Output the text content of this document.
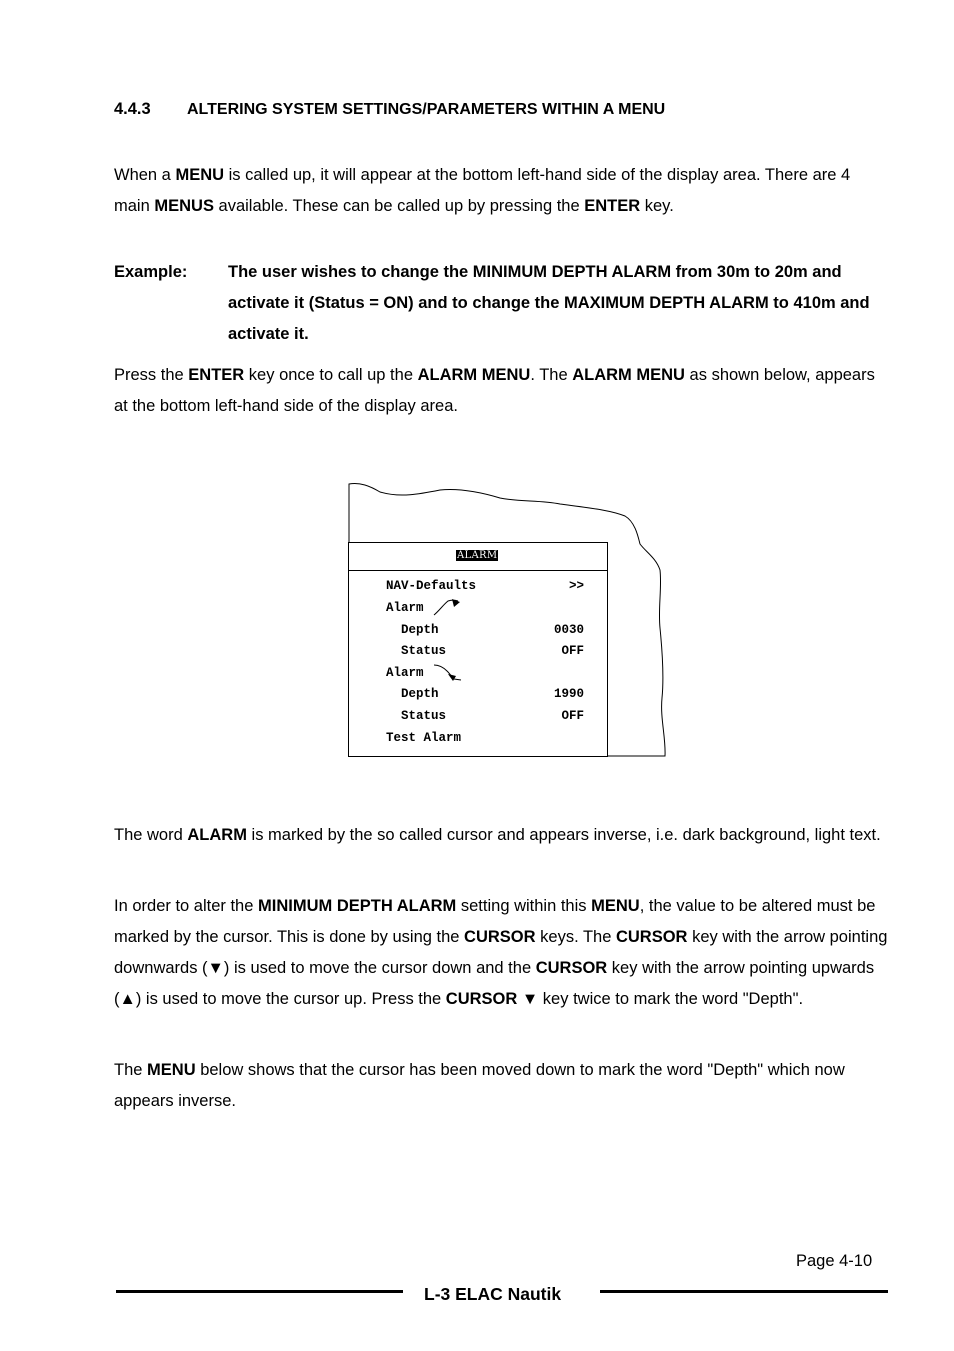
4.4.3 ALTERING SYSTEM SETTINGS/PARAMETERS WITHIN A MENU
When a MENU is called up, it will appear at the bottom left-hand side of the display area. There are 4 main MENUS available. These can be called up by pressing the ENTER key.
Example: The user wishes to change the MINIMUM DEPTH ALARM from 30m to 20m and activate it (Status = ON) and to change the MAXIMUM DEPTH ALARM to 410m and activate it.
Press the ENTER key once to call up the ALARM MENU. The ALARM MENU as shown below, appears at the bottom left-hand side of the display area.
ALARM
NAV-Defaults	>>
Alarm
Depth	0030
Status	OFF
Alarm
Depth	1990
Status	OFF
Test Alarm
The word ALARM is marked by the so called cursor and appears inverse, i.e. dark background, light text.
In order to alter the MINIMUM DEPTH ALARM setting within this MENU, the value to be altered must be marked by the cursor. This is done by using the CURSOR keys. The CURSOR key with the arrow pointing downwards (▼) is used to move the cursor down and the CURSOR key with the arrow pointing upwards (▲) is used to move the cursor up. Press the CURSOR ▼ key twice to mark the word "Depth".
The MENU below shows that the cursor has been moved down to mark the word "Depth" which now appears inverse.
Page 4-10
L-3 ELAC Nautik
